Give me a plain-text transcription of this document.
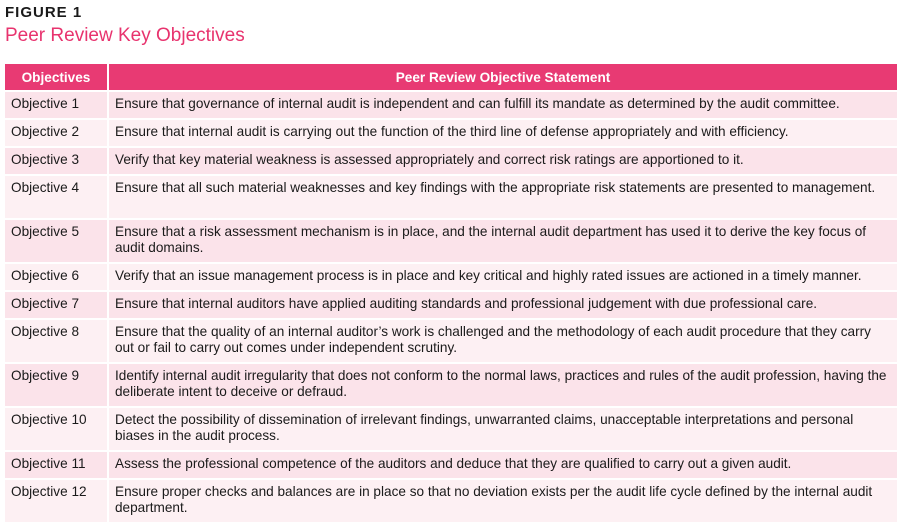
FIGURE 1
Peer Review Key Objectives
Objectives	Peer Review Objective Statement
Objective 1	Ensure that governance of internal audit is independent and can fulfill its mandate as determined by the audit committee.
Objective 2	Ensure that internal audit is carrying out the function of the third line of defense appropriately and with efficiency.
Objective 3	Verify that key material weakness is assessed appropriately and correct risk ratings are apportioned to it.
Objective 4	Ensure that all such material weaknesses and key findings with the appropriate risk statements are presented to management.
Objective 5	Ensure that a risk assessment mechanism is in place, and the internal audit department has used it to derive the key focus of audit domains.
Objective 6	Verify that an issue management process is in place and key critical and highly rated issues are actioned in a timely manner.
Objective 7	Ensure that internal auditors have applied auditing standards and professional judgement with due professional care.
Objective 8	Ensure that the quality of an internal auditor’s work is challenged and the methodology of each audit procedure that they carry out or fail to carry out comes under independent scrutiny.
Objective 9	Identify internal audit irregularity that does not conform to the normal laws, practices and rules of the audit profession, having the deliberate intent to deceive or defraud.
Objective 10	Detect the possibility of dissemination of irrelevant findings, unwarranted claims, unacceptable interpretations and personal biases in the audit process.
Objective 11	Assess the professional competence of the auditors and deduce that they are qualified to carry out a given audit.
Objective 12	Ensure proper checks and balances are in place so that no deviation exists per the audit life cycle defined by the internal audit department.
